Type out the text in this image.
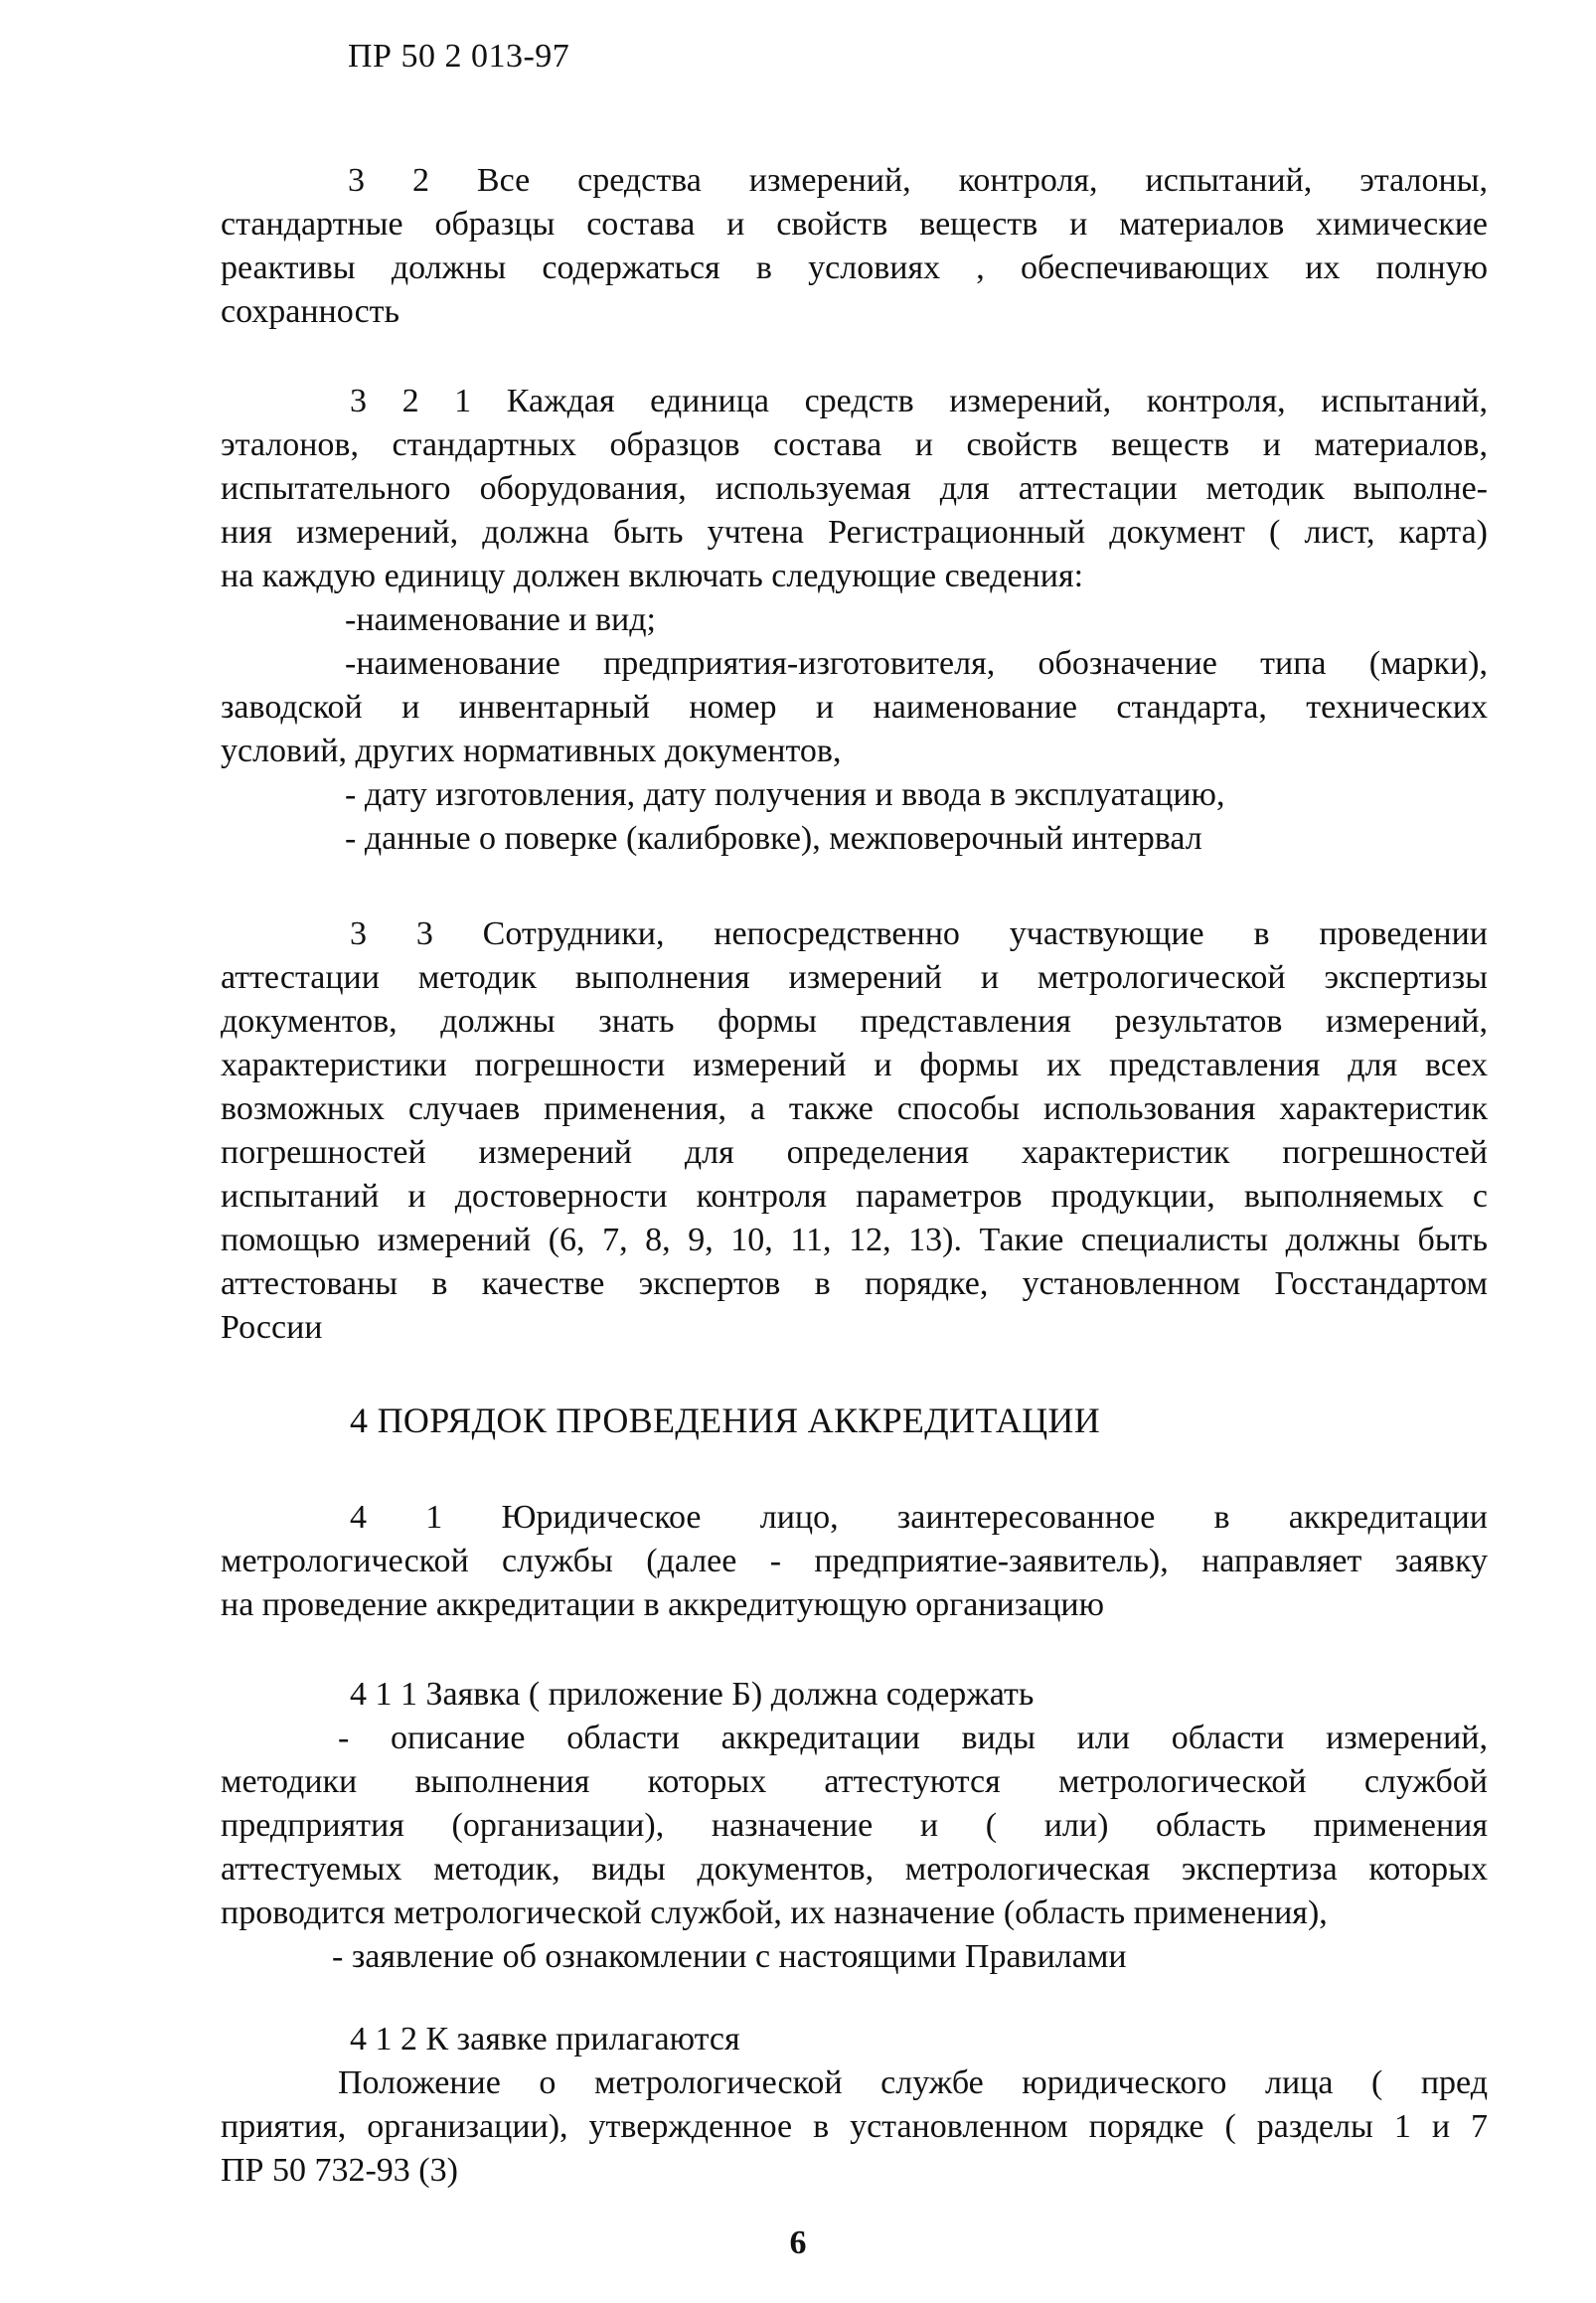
ПР 50 2 013-97
3 2 Все средства измерений, контроля, испытаний, эталоны,
стандартные образцы состава и свойств веществ и материалов химические
реактивы должны содержаться в условиях , обеспечивающих их полную
сохранность
3 2 1 Каждая единица средств измерений, контроля, испытаний,
эталонов, стандартных образцов состава и свойств веществ и материалов,
испытательного оборудования, используемая для аттестации методик выполне-
ния измерений, должна быть учтена Регистрационный документ ( лист, карта)
на каждую единицу должен включать следующие сведения:
-наименование и вид;
-наименование предприятия-изготовителя, обозначение типа (марки),
заводской и инвентарный номер и наименование стандарта, технических
условий, других нормативных документов,
- дату изготовления, дату получения и ввода в эксплуатацию,
- данные о поверке (калибровке), межповерочный интервал
3 3 Сотрудники, непосредственно участвующие в проведении
аттестации методик выполнения измерений и метрологической экспертизы
документов, должны знать формы представления результатов измерений,
характеристики погрешности измерений и формы их представления для всех
возможных случаев применения, а также способы использования характеристик
погрешностей измерений для определения характеристик погрешностей
испытаний и достоверности контроля параметров продукции, выполняемых с
помощью измерений (6, 7, 8, 9, 10, 11, 12, 13). Такие специалисты должны быть
аттестованы в качестве экспертов в порядке, установленном Госстандартом
России
4 ПОРЯДОК ПРОВЕДЕНИЯ АККРЕДИТАЦИИ
4 1 Юридическое лицо, заинтересованное в аккредитации
метрологической службы (далее - предприятие-заявитель), направляет заявку
на проведение аккредитации в аккредитующую организацию
4 1 1 Заявка ( приложение Б) должна содержать
- описание области аккредитации виды или области измерений,
методики выполнения которых аттестуются метрологической службой
предприятия (организации), назначение и ( или) область применения
аттестуемых методик, виды документов, метрологическая экспертиза которых
проводится метрологической службой, их назначение (область применения),
- заявление об ознакомлении с настоящими Правилами
4 1 2 К заявке прилагаются
Положение о метрологической службе юридического лица ( пред
приятия, организации), утвержденное в установленном порядке ( разделы 1 и 7
ПР 50 732-93 (3)
6
